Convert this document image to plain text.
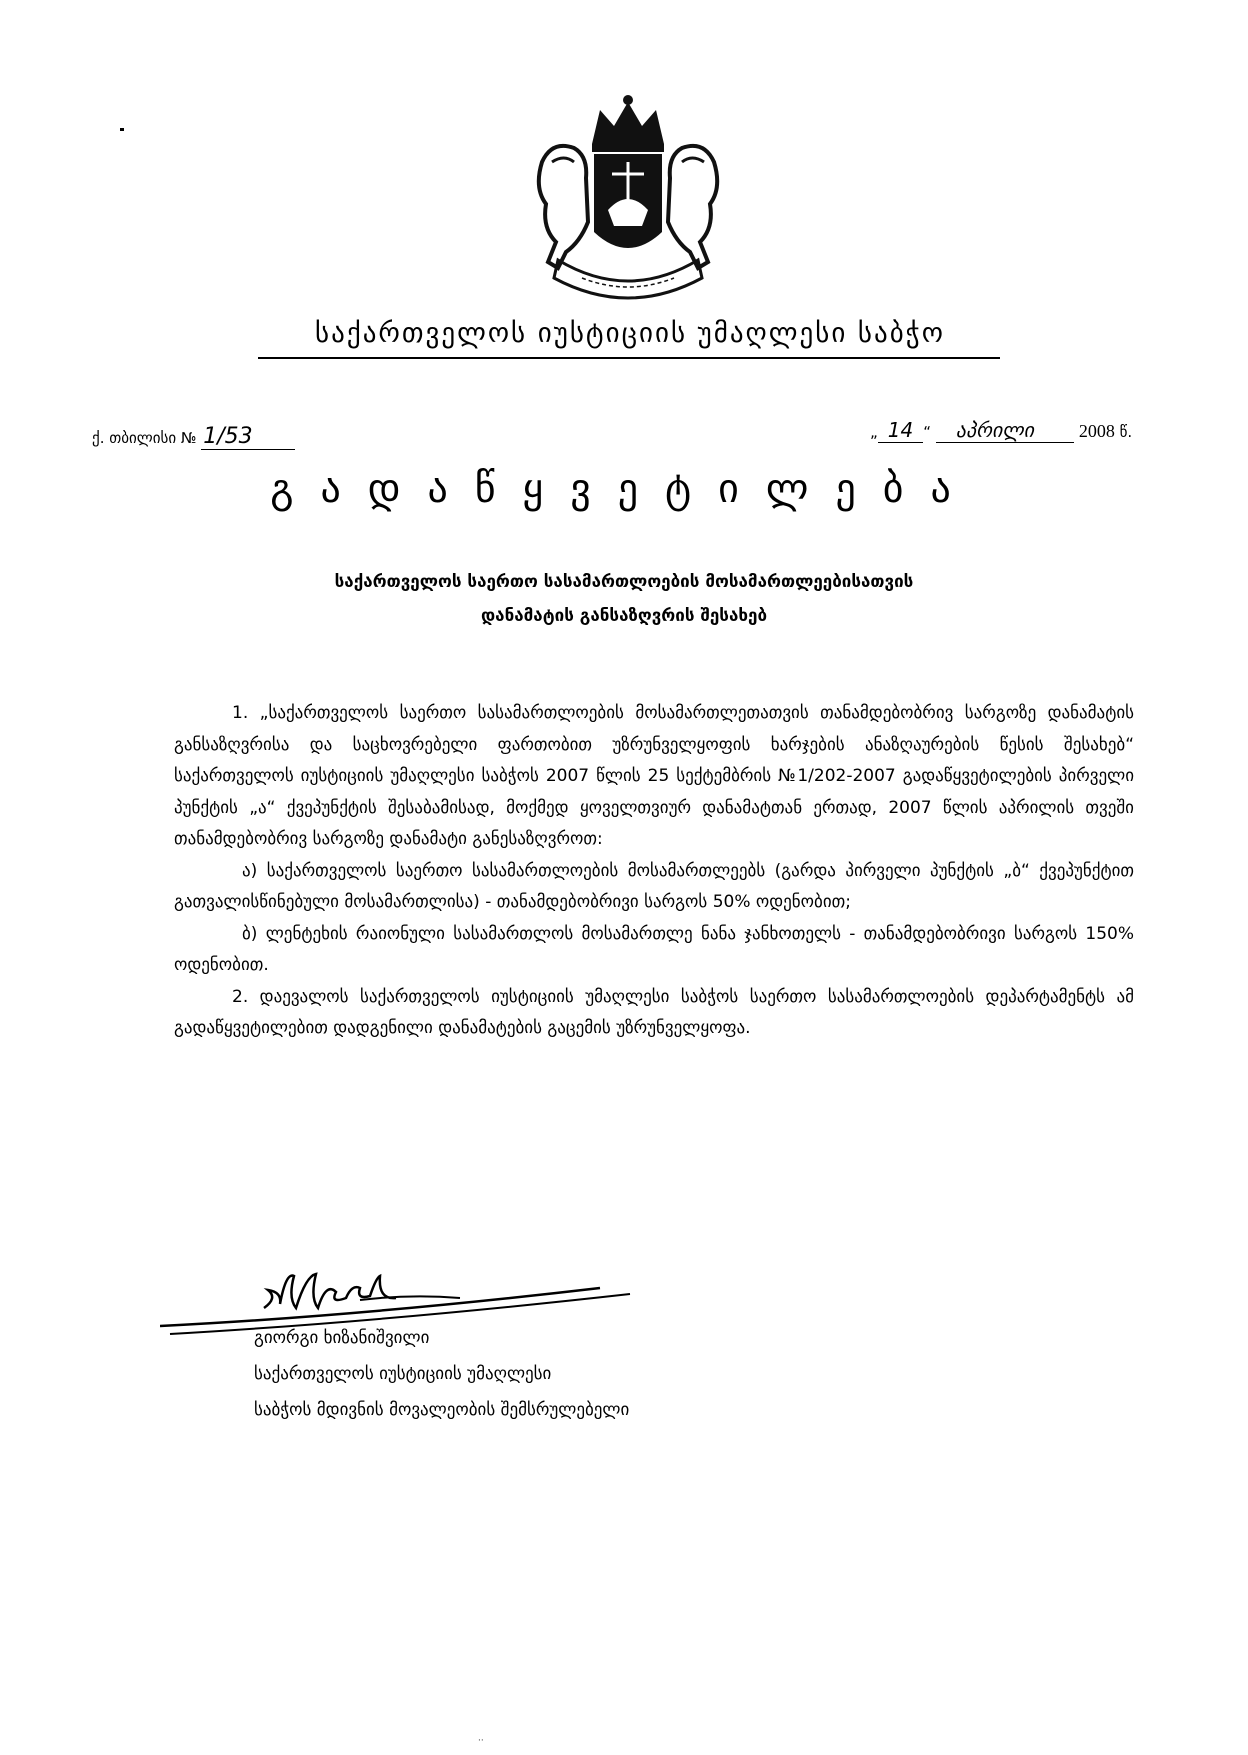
საქართველოს იუსტიციის უმაღლესი საბჭო
ქ. თბილისი № 1/53	„ 14 “ აპრილი 2008 წ.
გადაწყვეტილება
საქართველოს საერთო სასამართლოების მოსამართლეებისათვის
დანამატის განსაზღვრის შესახებ

1. „საქართველოს საერთო სასამართლოების მოსამართლეთათვის თანამდებობრივ სარგოზე დანამატის განსაზღვრისა და საცხოვრებელი ფართობით უზრუნველყოფის ხარჯების ანაზღაურების წესის შესახებ“ საქართველოს იუსტიციის უმაღლესი საბჭოს 2007 წლის 25 სექტემბრის №1/202-2007 გადაწყვეტილების პირველი პუნქტის „ა“ ქვეპუნქტის შესაბამისად, მოქმედ ყოველთვიურ დანამატთან ერთად, 2007 წლის აპრილის თვეში თანამდებობრივ სარგოზე დანამატი განესაზღვროთ:

ა) საქართველოს საერთო სასამართლოების მოსამართლეებს (გარდა პირველი პუნქტის „ბ“ ქვეპუნქტით გათვალისწინებული მოსამართლისა) - თანამდებობრივი სარგოს 50% ოდენობით;

ბ) ლენტეხის რაიონული სასამართლოს მოსამართლე ნანა ჯანხოთელს - თანამდებობრივი სარგოს 150% ოდენობით.

2. დაევალოს საქართველოს იუსტიციის უმაღლესი საბჭოს საერთო სასამართლოების დეპარტამენტს ამ გადაწყვეტილებით დადგენილი დანამატების გაცემის უზრუნველყოფა.

გიორგი ხიზანიშვილი
საქართველოს იუსტიციის უმაღლესი
საბჭოს მდივნის მოვალეობის შემსრულებელი
··
